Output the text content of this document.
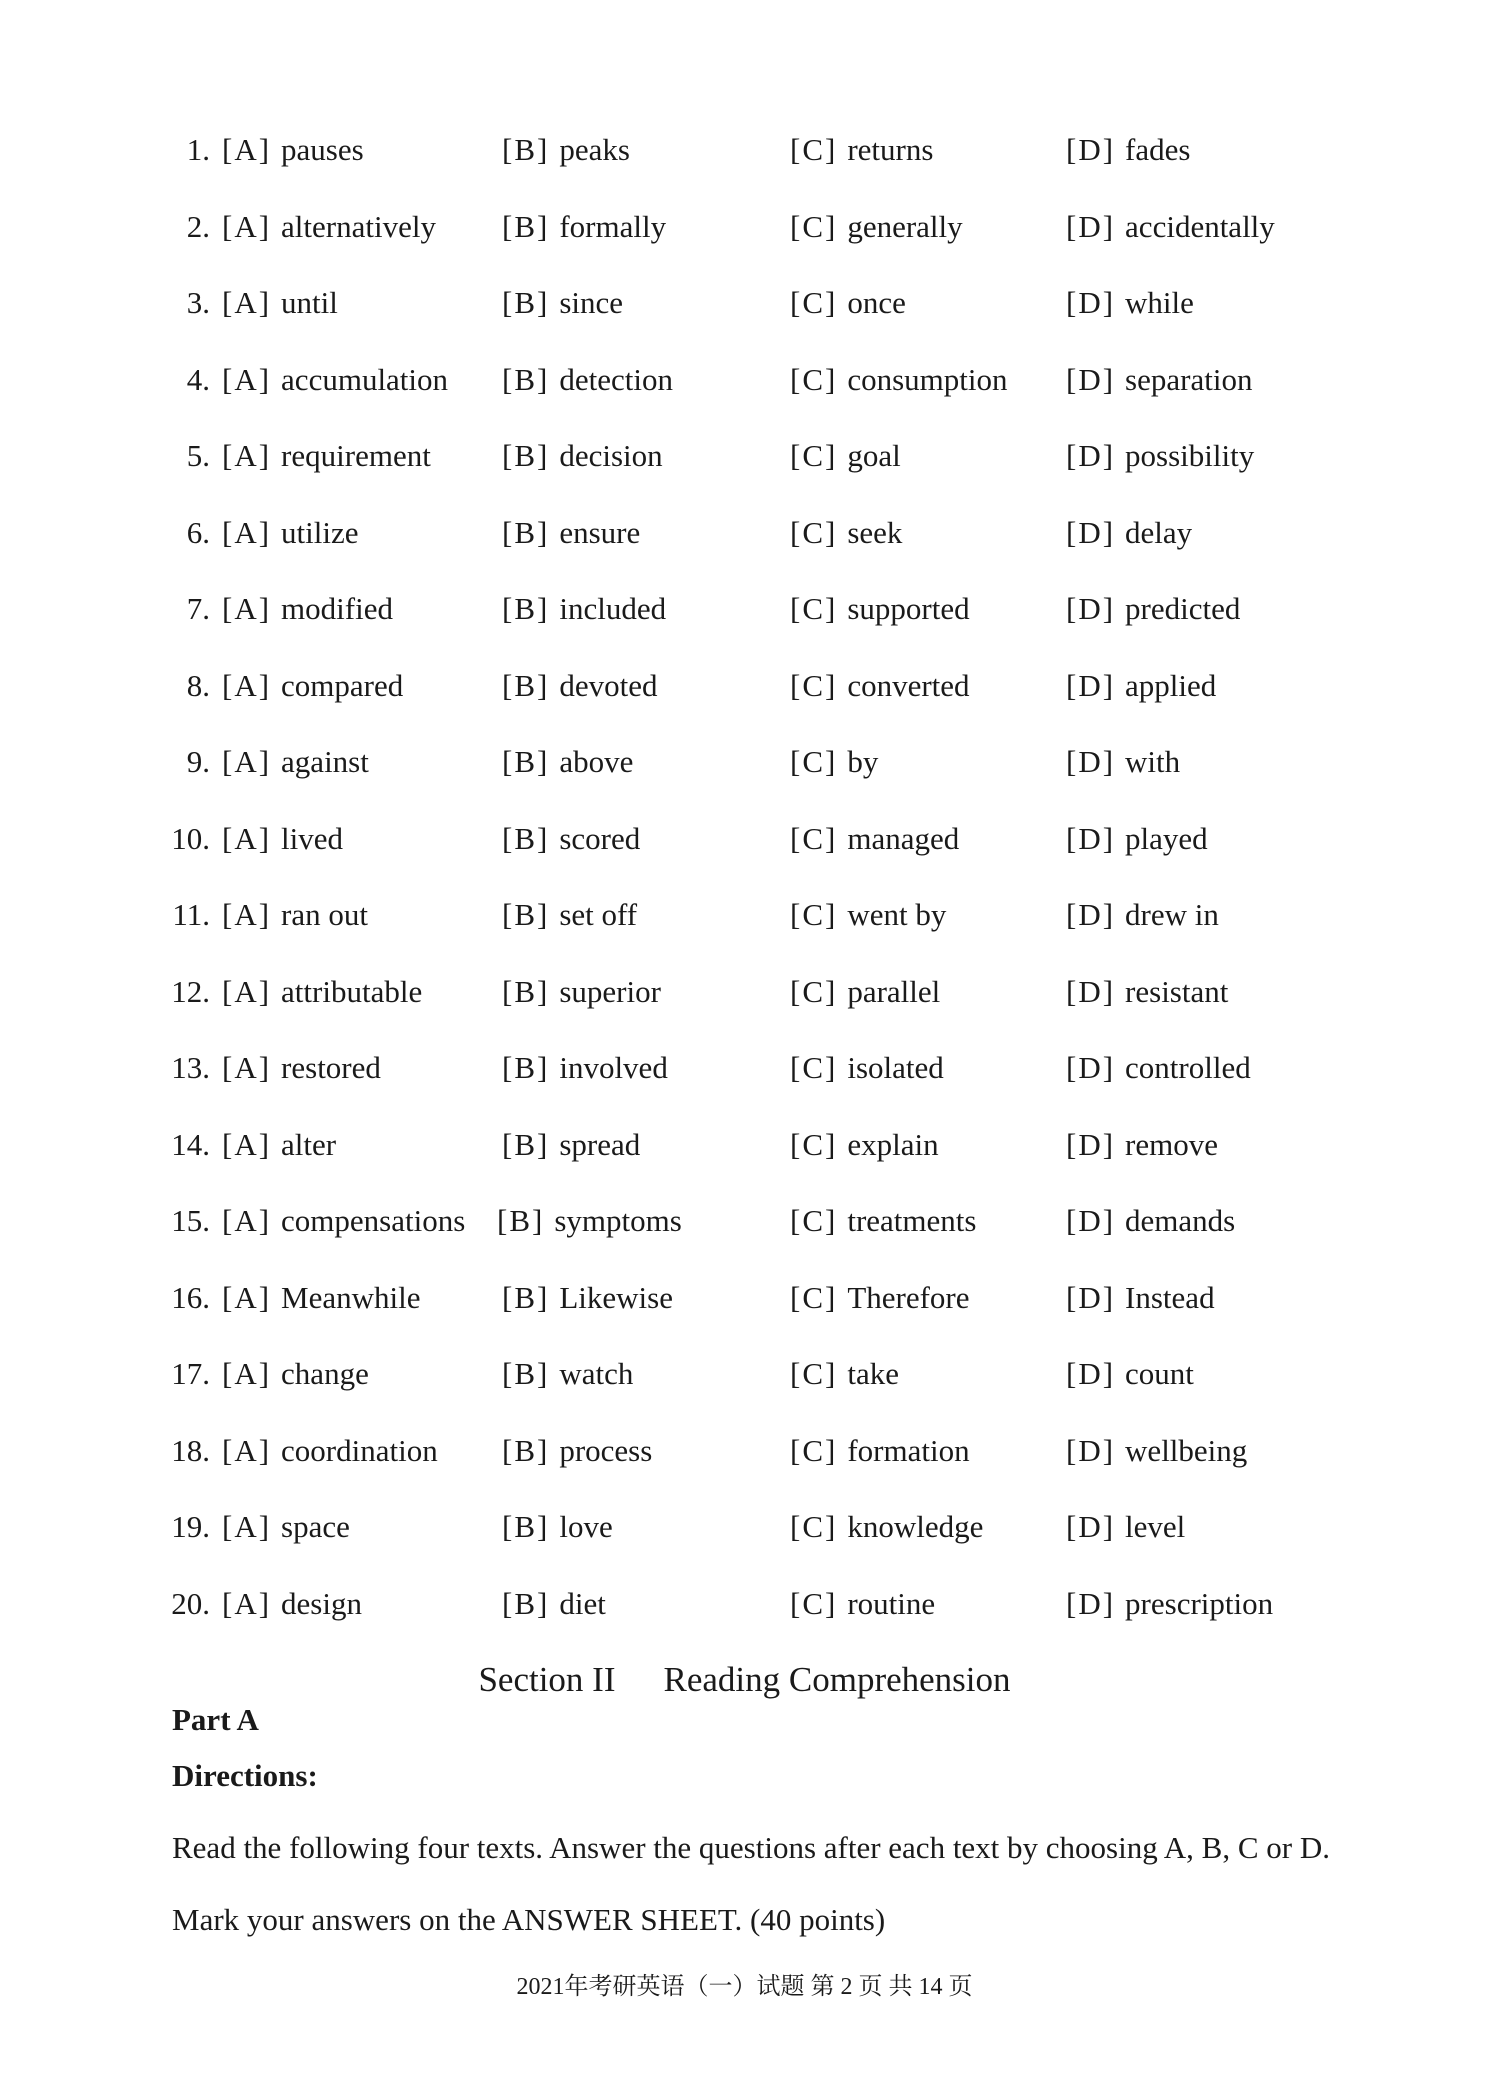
1. [A] pauses	[B] peaks	[C] returns	[D] fades
2. [A] alternatively [B] formally	[C] generally	[D] accidentally
3. [A] until	[B] since	[C] once	[D] while
4. [A] accumulation [B] detection	[C] consumption [D] separation
5. [A] requirement [B] decision	[C] goal	[D] possibility
6. [A] utilize	[B] ensure	[C] seek	[D] delay
7. [A] modified	[B] included	[C] supported	[D] predicted
8. [A] compared	[B] devoted	[C] converted	[D] applied
9. [A] against	[B] above	[C] by	[D] with
10. [A] lived	[B] scored	[C] managed	[D] played
11. [A] ran out	[B] set off	[C] went by	[D] drew in
12. [A] attributable	[B] superior	[C] parallel	[D] resistant
13. [A] restored	[B] involved	[C] isolated	[D] controlled
14. [A] alter	[B] spread	[C] explain	[D] remove
15. [A] compensations [B] symptoms	[C] treatments	[D] demands
16. [A] Meanwhile	[B] Likewise	[C] Therefore	[D] Instead
17. [A] change	[B] watch	[C] take	[D] count
18. [A] coordination [B] process	[C] formation	[D] wellbeing
19. [A] space	[B] love	[C] knowledge	[D] level
20. [A] design	[B] diet	[C] routine	[D] prescription
Section II Reading Comprehension
Part A
Directions:
Read the following four texts. Answer the questions after each text by choosing A, B, C or D. Mark your answers on the ANSWER SHEET. (40 points)
2021年考研英语（一）试题 第 2 页 共 14 页
